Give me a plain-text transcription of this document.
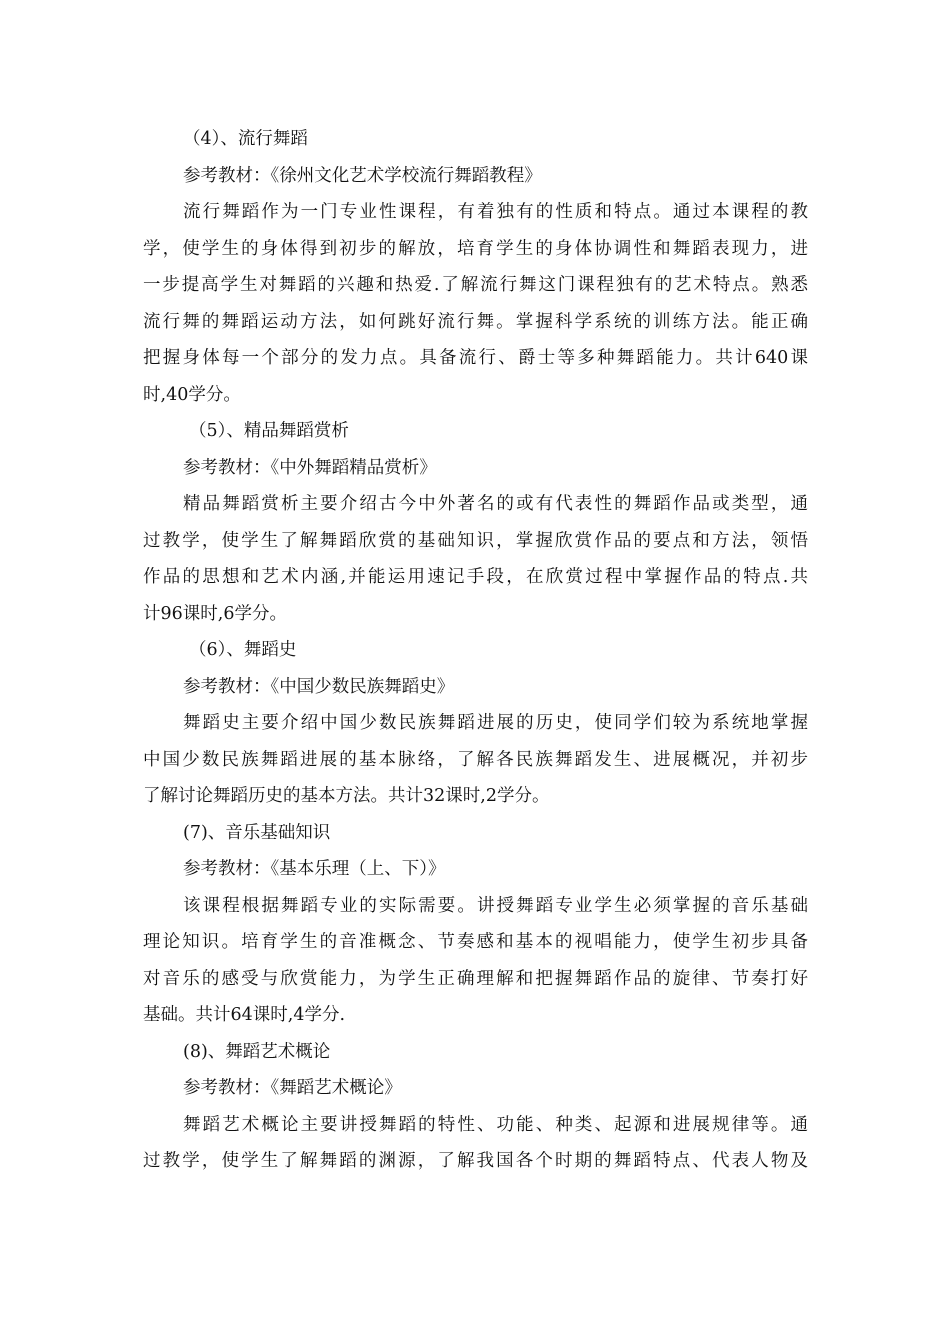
（4）、流行舞蹈
参考教材：《徐州文化艺术学校流行舞蹈教程》
流行舞蹈作为一门专业性课程，有着独有的性质和特点。通过本课程的教
学，使学生的身体得到初步的解放，培育学生的身体协调性和舞蹈表现力，进
一步提高学生对舞蹈的兴趣和热爱.了解流行舞这门课程独有的艺术特点。熟悉
流行舞的舞蹈运动方法，如何跳好流行舞。掌握科学系统的训练方法。能正确
把握身体每一个部分的发力点。具备流行、爵士等多种舞蹈能力。共计640课
时,40学分。
（5）、精品舞蹈赏析
参考教材：《中外舞蹈精品赏析》
精品舞蹈赏析主要介绍古今中外著名的或有代表性的舞蹈作品或类型，通
过教学，使学生了解舞蹈欣赏的基础知识，掌握欣赏作品的要点和方法，领悟
作品的思想和艺术内涵,并能运用速记手段，在欣赏过程中掌握作品的特点.共
计96课时,6学分。
（6）、舞蹈史
参考教材：《中国少数民族舞蹈史》
舞蹈史主要介绍中国少数民族舞蹈进展的历史，使同学们较为系统地掌握
中国少数民族舞蹈进展的基本脉络，了解各民族舞蹈发生、进展概况，并初步
了解讨论舞蹈历史的基本方法。共计32课时,2学分。
(7)、音乐基础知识
参考教材：《基本乐理（上、下）》
该课程根据舞蹈专业的实际需要。讲授舞蹈专业学生必须掌握的音乐基础
理论知识。培育学生的音准概念、节奏感和基本的视唱能力，使学生初步具备
对音乐的感受与欣赏能力，为学生正确理解和把握舞蹈作品的旋律、节奏打好
基础。共计64课时,4学分.
(8)、舞蹈艺术概论
参考教材：《舞蹈艺术概论》
舞蹈艺术概论主要讲授舞蹈的特性、功能、种类、起源和进展规律等。通
过教学，使学生了解舞蹈的渊源，了解我国各个时期的舞蹈特点、代表人物及
